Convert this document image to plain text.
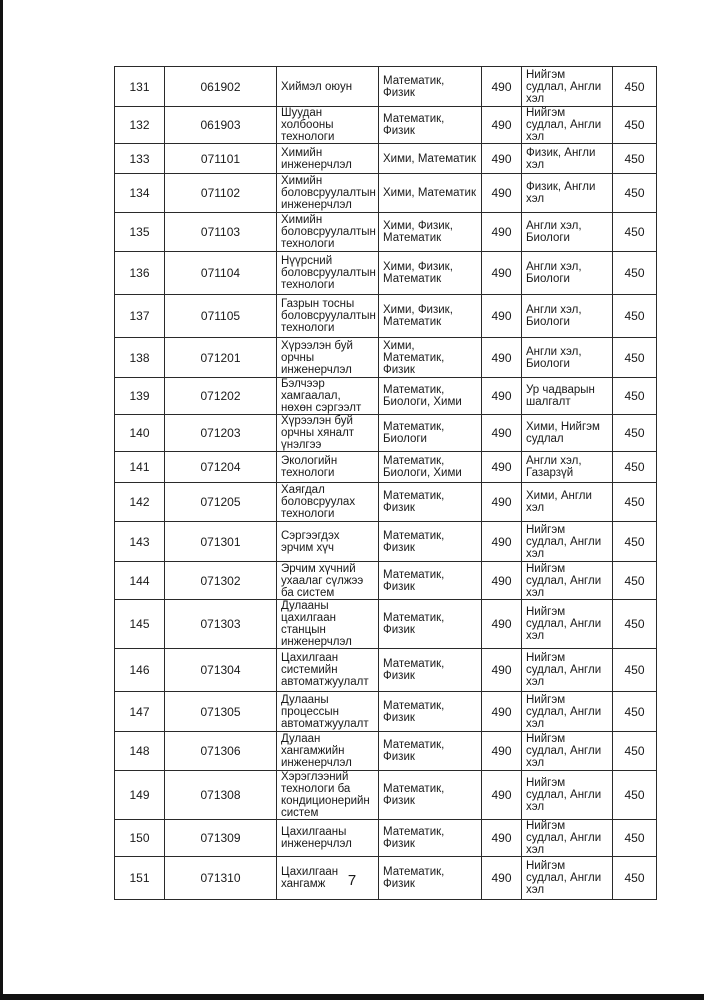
131	061902	Хиймэл оюун	Математик, Физик	490	Нийгэм судлал, Англи хэл	450
132	061903	Шуудан холбооны технологи	Математик, Физик	490	Нийгэм судлал, Англи хэл	450
133	071101	Химийн инженерчлэл	Хими, Математик	490	Физик, Англи хэл	450
134	071102	Химийн боловсруулалтын инженерчлэл	Хими, Математик	490	Физик, Англи хэл	450
135	071103	Химийн боловсруулалтын технологи	Хими, Физик, Математик	490	Англи хэл, Биологи	450
136	071104	Нүүрсний боловсруулалтын технологи	Хими, Физик, Математик	490	Англи хэл, Биологи	450
137	071105	Газрын тосны боловсруулалтын технологи	Хими, Физик, Математик	490	Англи хэл, Биологи	450
138	071201	Хүрээлэн буй орчны инженерчлэл	Хими, Математик, Физик	490	Англи хэл, Биологи	450
139	071202	Бэлчээр хамгаалал, нөхөн сэргээлт	Математик, Биологи, Хими	490	Ур чадварын шалгалт	450
140	071203	Хүрээлэн буй орчны хяналт үнэлгээ	Математик, Биологи	490	Хими, Нийгэм судлал	450
141	071204	Экологийн технологи	Математик, Биологи, Хими	490	Англи хэл, Газарзүй	450
142	071205	Хаягдал боловсруулах технологи	Математик, Физик	490	Хими, Англи хэл	450
143	071301	Сэргээгдэх эрчим хүч	Математик, Физик	490	Нийгэм судлал, Англи хэл	450
144	071302	Эрчим хүчний ухаалаг сүлжээ ба систем	Математик, Физик	490	Нийгэм судлал, Англи хэл	450
145	071303	Дулааны цахилгаан станцын инженерчлэл	Математик, Физик	490	Нийгэм судлал, Англи хэл	450
146	071304	Цахилгаан системийн автоматжуулалт	Математик, Физик	490	Нийгэм судлал, Англи хэл	450
147	071305	Дулааны процессын автоматжуулалт	Математик, Физик	490	Нийгэм судлал, Англи хэл	450
148	071306	Дулаан хангамжийн инженерчлэл	Математик, Физик	490	Нийгэм судлал, Англи хэл	450
149	071308	Хэрэглээний технологи ба кондиционерийн систем	Математик, Физик	490	Нийгэм судлал, Англи хэл	450
150	071309	Цахилгааны инженерчлэл	Математик, Физик	490	Нийгэм судлал, Англи хэл	450
151	071310	Цахилгаан хангамж	Математик, Физик	490	Нийгэм судлал, Англи хэл	450
7
